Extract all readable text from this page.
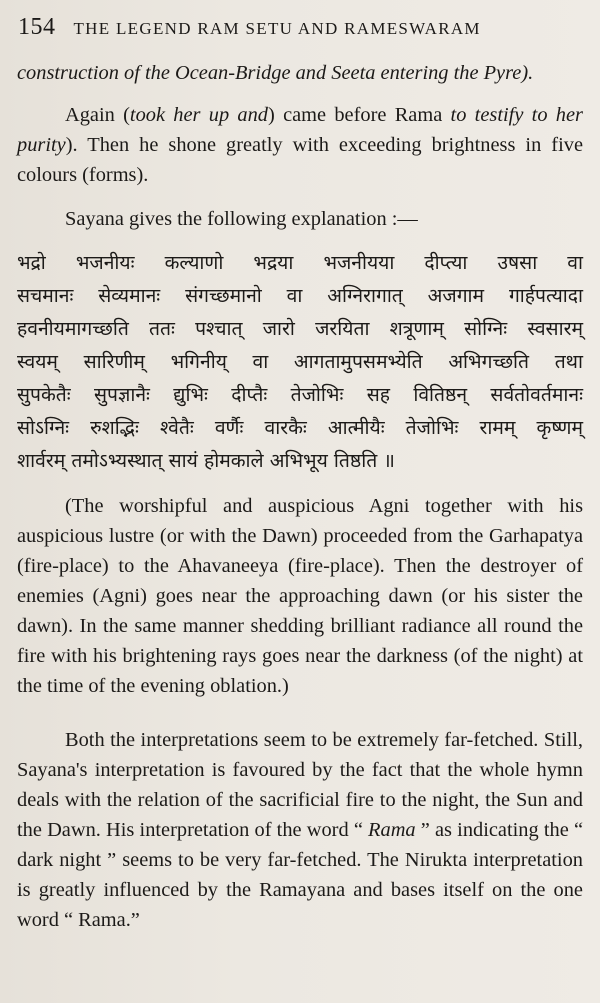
154 THE LEGEND RAM SETU AND RAMESWARAM

construction of the Ocean-Bridge and Seeta entering the Pyre).

Again (took her up and) came before Rama to testify to her purity). Then he shone greatly with exceeding brightness in five colours (forms).

Sayana gives the following explanation :—

भद्रो भजनीयः कल्याणो भद्रया भजनीयया दीप्त्या उषसा वा
सचमानः सेव्यमानः संगच्छमानो वा अग्निरागात् अजगाम गार्हपत्यादा
हवनीयमागच्छति ततः पश्चात् जारो जरयिता शत्रूणाम् सोग्निः स्वसारम्
स्वयम् सारिणीम् भगिनीय् वा आगतामुपसमभ्येति अभिगच्छति तथा
सुपकेतैः सुपज्ञानैः द्युभिः दीप्तैः तेजोभिः सह वितिष्ठन् सर्वतोवर्तमानः
सोऽग्निः रुशद्भिः श्वेतैः वर्णैः वारकैः आत्मीयैः तेजोभिः रामम् कृष्णम्
शार्वरम् तमोऽभ्यस्थात् सायं होमकाले अभिभूय तिष्ठति ॥

(The worshipful and auspicious Agni together with his auspicious lustre (or with the Dawn) proceeded from the Garhapatya (fire-place) to the Ahavaneeya (fire-place). Then the destroyer of enemies (Agni) goes near the approaching dawn (or his sister the dawn). In the same manner shedding brilliant radiance all round the fire with his brightening rays goes near the darkness (of the night) at the time of the evening oblation.)

Both the interpretations seem to be extremely far-fetched. Still, Sayana's interpretation is favoured by the fact that the whole hymn deals with the relation of the sacrificial fire to the night, the Sun and the Dawn. His interpretation of the word “ Rama ” as indicating the “ dark night ” seems to be very far-fetched. The Nirukta interpretation is greatly influenced by the Ramayana and bases itself on the one word “ Rama.”
